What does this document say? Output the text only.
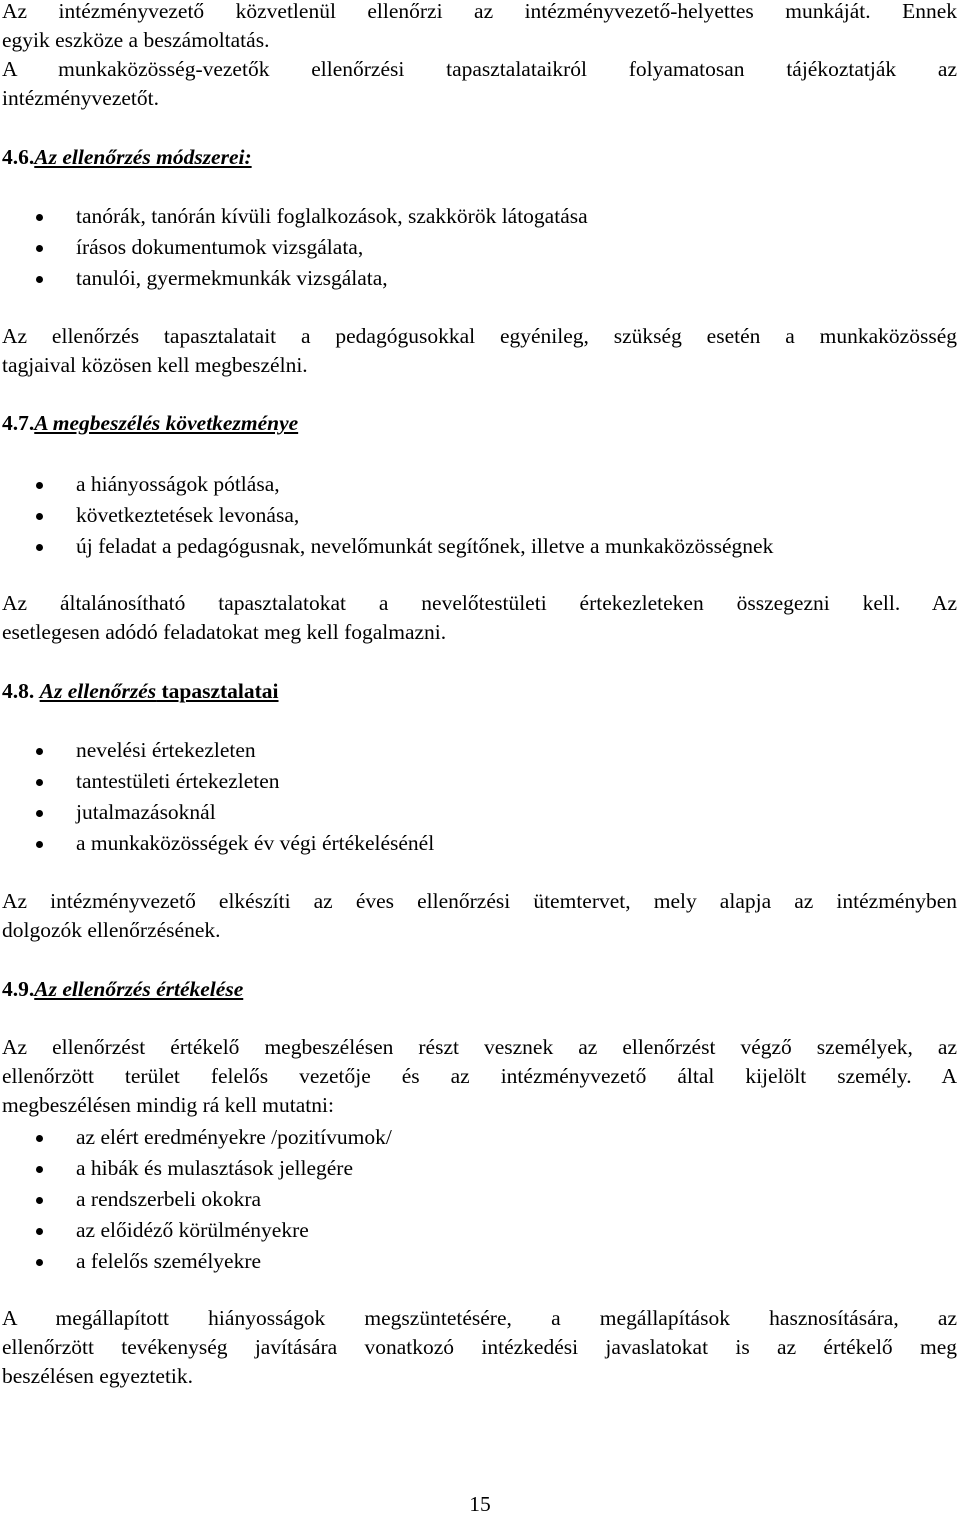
Az intézményvezető közvetlenül ellenőrzi az intézményvezető-helyettes munkáját. Ennek
egyik eszköze a beszámoltatás.
A munkaközösség-vezetők ellenőrzési tapasztalataikról folyamatosan tájékoztatják az
intézményvezetőt.

4.6.Az ellenőrzés módszerei:
tanórák, tanórán kívüli foglalkozások, szakkörök látogatása
írásos dokumentumok vizsgálata,
tanulói, gyermekmunkák vizsgálata,

Az ellenőrzés tapasztalatait a pedagógusokkal egyénileg, szükség esetén a munkaközösség
tagjaival közösen kell megbeszélni.

4.7.A megbeszélés következménye
a hiányosságok pótlása,
következtetések levonása,
új feladat a pedagógusnak, nevelőmunkát segítőnek, illetve a munkaközösségnek

Az általánosítható tapasztalatokat a nevelőtestületi értekezleteken összegezni kell. Az
esetlegesen adódó feladatokat meg kell fogalmazni.

4.8. Az ellenőrzés tapasztalatai
nevelési értekezleten
tantestületi értekezleten
jutalmazásoknál
a munkaközösségek év végi értékelésénél

Az intézményvezető elkészíti az éves ellenőrzési ütemtervet, mely alapja az intézményben
dolgozók ellenőrzésének.

4.9.Az ellenőrzés értékelése

Az ellenőrzést értékelő megbeszélésen részt vesznek az ellenőrzést végző személyek, az
ellenőrzött terület felelős vezetője és az intézményvezető által kijelölt személy. A
megbeszélésen mindig rá kell mutatni:

az elért eredményekre /pozitívumok/
a hibák és mulasztások jellegére
a rendszerbeli okokra
az előidéző körülményekre
a felelős személyekre

A megállapított hiányosságok megszüntetésére, a megállapítások hasznosítására, az
ellenőrzött tevékenység javítására vonatkozó intézkedési javaslatokat is az értékelő meg
beszélésen egyeztetik.

15
